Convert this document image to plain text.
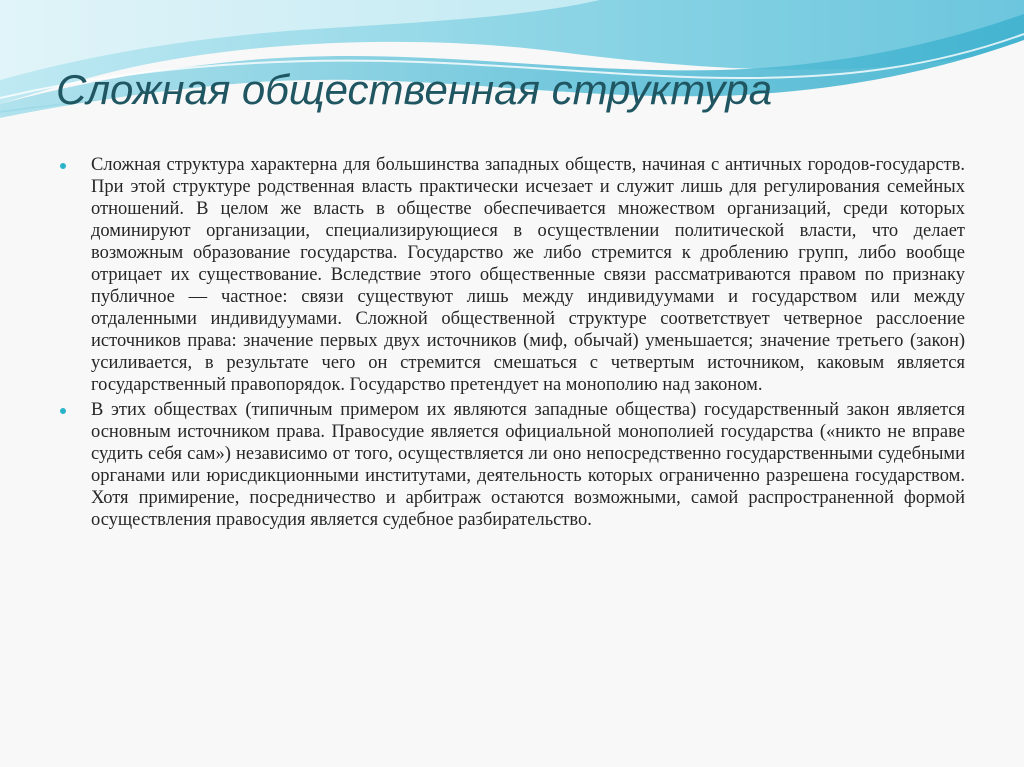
Сложная общественная структура
Сложная структура характерна для большинства западных обществ, начиная с античных городов-государств. При этой структуре родственная власть практически исчезает и служит лишь для регулирования семейных отношений. В целом же власть в обществе обеспечивается множеством организаций, среди которых доминируют организации, специализирующиеся в осуществлении политической власти, что делает возможным образование государства. Государство же либо стремится к дроблению групп, либо вообще отрицает их существование. Вследствие этого общественные связи рассматриваются правом по признаку публичное — частное: связи существуют лишь между индивидуумами и государством или между отдаленными индивидуумами. Сложной общественной структуре соответствует четверное расслоение источников права: значение первых двух источников (миф, обычай) уменьшается; значение третьего (закон) усиливается, в результате чего он стремится смешаться с четвертым источником, каковым является государственный правопорядок. Государство претендует на монополию над законом.
В этих обществах (типичным примером их являются западные общества) государственный закон является основным источником права. Правосудие является официальной монополией государства («никто не вправе судить себя сам») независимо от того, осуществляется ли оно непосредственно государственными судебными органами или юрисдикционными институтами, деятельность которых ограниченно разрешена государством. Хотя примирение, посредничество и арбитраж остаются возможными, самой распространенной формой осуществления правосудия является судебное разбирательство.
